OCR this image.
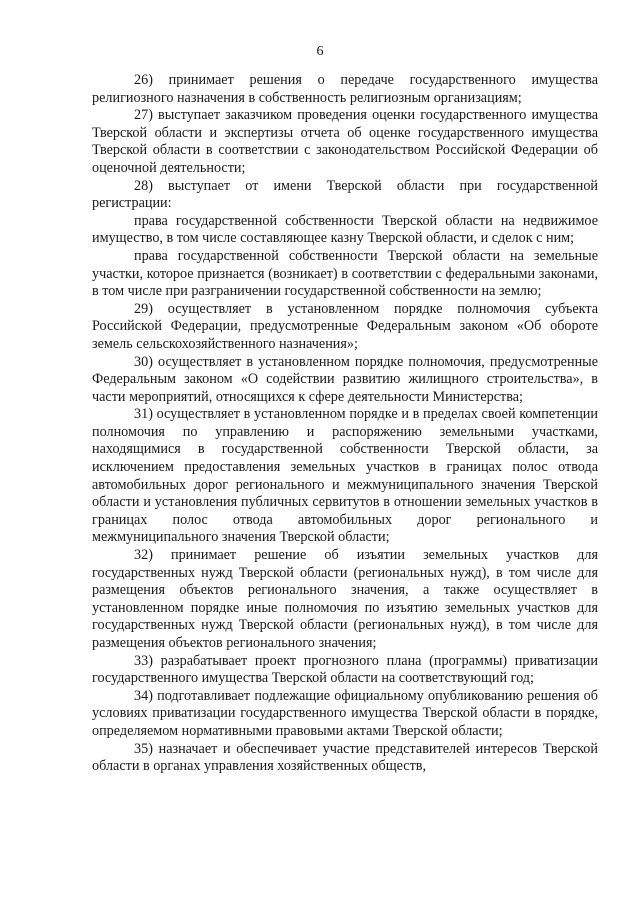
6

26) принимает решения о передаче государственного имущества религиозного назначения в собственность религиозным организациям;

27) выступает заказчиком проведения оценки государственного имущества Тверской области и экспертизы отчета об оценке государственного имущества Тверской области в соответствии с законодательством Российской Федерации об оценочной деятельности;

28) выступает от имени Тверской области при государственной регистрации:

права государственной собственности Тверской области на недвижимое имущество, в том числе составляющее казну Тверской области, и сделок с ним;

права государственной собственности Тверской области на земельные участки, которое признается (возникает) в соответствии с федеральными законами, в том числе при разграничении государственной собственности на землю;

29) осуществляет в установленном порядке полномочия субъекта Российской Федерации, предусмотренные Федеральным законом «Об обороте земель сельскохозяйственного назначения»;

30) осуществляет в установленном порядке полномочия, предусмотренные Федеральным законом «О содействии развитию жилищного строительства», в части мероприятий, относящихся к сфере деятельности Министерства;

31) осуществляет в установленном порядке и в пределах своей компетенции полномочия по управлению и распоряжению земельными участками, находящимися в государственной собственности Тверской области, за исключением предоставления земельных участков в границах полос отвода автомобильных дорог регионального и межмуниципального значения Тверской области и установления публичных сервитутов в отношении земельных участков в границах полос отвода автомобильных дорог регионального и межмуниципального значения Тверской области;

32) принимает решение об изъятии земельных участков для государственных нужд Тверской области (региональных нужд), в том числе для размещения объектов регионального значения, а также осуществляет в установленном порядке иные полномочия по изъятию земельных участков для государственных нужд Тверской области (региональных нужд), в том числе для размещения объектов регионального значения;

33) разрабатывает проект прогнозного плана (программы) приватизации государственного имущества Тверской области на соответствующий год;

34) подготавливает подлежащие официальному опубликованию решения об условиях приватизации государственного имущества Тверской области в порядке, определяемом нормативными правовыми актами Тверской области;

35) назначает и обеспечивает участие представителей интересов Тверской области в органах управления хозяйственных обществ,
